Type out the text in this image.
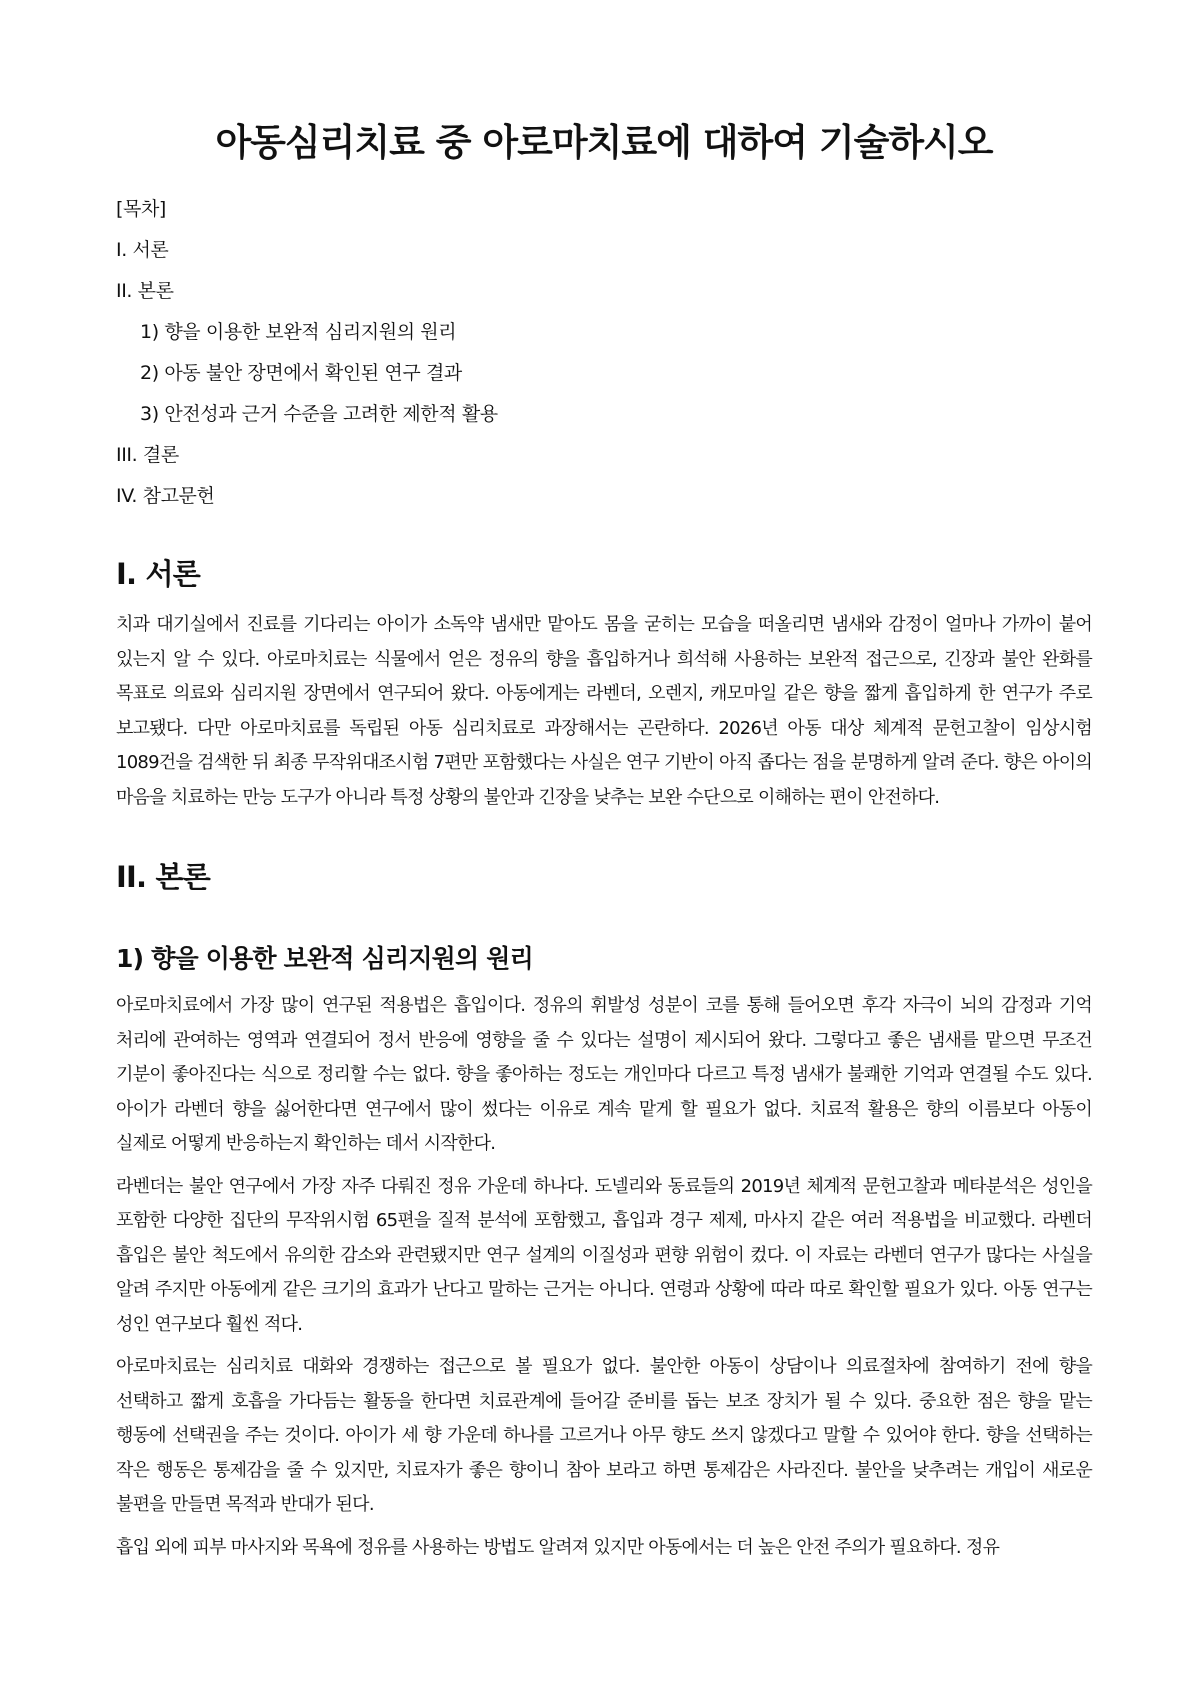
아동심리치료 중 아로마치료에 대하여 기술하시오
[목차]
I. 서론
II. 본론
1) 향을 이용한 보완적 심리지원의 원리
2) 아동 불안 장면에서 확인된 연구 결과
3) 안전성과 근거 수준을 고려한 제한적 활용
III. 결론
IV. 참고문헌
I. 서론

치과 대기실에서 진료를 기다리는 아이가 소독약 냄새만 맡아도 몸을 굳히는 모습을 떠올리면 냄새와 감정이 얼마나 가까이 붙어 있는지 알 수 있다. 아로마치료는 식물에서 얻은 정유의 향을 흡입하거나 희석해 사용하는 보완적 접근으로, 긴장과 불안 완화를 목표로 의료와 심리지원 장면에서 연구되어 왔다. 아동에게는 라벤더, 오렌지, 캐모마일 같은 향을 짧게 흡입하게 한 연구가 주로 보고됐다. 다만 아로마치료를 독립된 아동 심리치료로 과장해서는 곤란하다. 2026년 아동 대상 체계적 문헌고찰이 임상시험 1089건을 검색한 뒤 최종 무작위대조시험 7편만 포함했다는 사실은 연구 기반이 아직 좁다는 점을 분명하게 알려 준다. 향은 아이의 마음을 치료하는 만능 도구가 아니라 특정 상황의 불안과 긴장을 낮추는 보완 수단으로 이해하는 편이 안전하다.

II. 본론
1) 향을 이용한 보완적 심리지원의 원리

아로마치료에서 가장 많이 연구된 적용법은 흡입이다. 정유의 휘발성 성분이 코를 통해 들어오면 후각 자극이 뇌의 감정과 기억 처리에 관여하는 영역과 연결되어 정서 반응에 영향을 줄 수 있다는 설명이 제시되어 왔다. 그렇다고 좋은 냄새를 맡으면 무조건 기분이 좋아진다는 식으로 정리할 수는 없다. 향을 좋아하는 정도는 개인마다 다르고 특정 냄새가 불쾌한 기억과 연결될 수도 있다. 아이가 라벤더 향을 싫어한다면 연구에서 많이 썼다는 이유로 계속 맡게 할 필요가 없다. 치료적 활용은 향의 이름보다 아동이 실제로 어떻게 반응하는지 확인하는 데서 시작한다.

라벤더는 불안 연구에서 가장 자주 다뤄진 정유 가운데 하나다. 도넬리와 동료들의 2019년 체계적 문헌고찰과 메타분석은 성인을 포함한 다양한 집단의 무작위시험 65편을 질적 분석에 포함했고, 흡입과 경구 제제, 마사지 같은 여러 적용법을 비교했다. 라벤더 흡입은 불안 척도에서 유의한 감소와 관련됐지만 연구 설계의 이질성과 편향 위험이 컸다. 이 자료는 라벤더 연구가 많다는 사실을 알려 주지만 아동에게 같은 크기의 효과가 난다고 말하는 근거는 아니다. 연령과 상황에 따라 따로 확인할 필요가 있다. 아동 연구는 성인 연구보다 훨씬 적다.

아로마치료는 심리치료 대화와 경쟁하는 접근으로 볼 필요가 없다. 불안한 아동이 상담이나 의료절차에 참여하기 전에 향을 선택하고 짧게 호흡을 가다듬는 활동을 한다면 치료관계에 들어갈 준비를 돕는 보조 장치가 될 수 있다. 중요한 점은 향을 맡는 행동에 선택권을 주는 것이다. 아이가 세 향 가운데 하나를 고르거나 아무 향도 쓰지 않겠다고 말할 수 있어야 한다. 향을 선택하는 작은 행동은 통제감을 줄 수 있지만, 치료자가 좋은 향이니 참아 보라고 하면 통제감은 사라진다. 불안을 낮추려는 개입이 새로운 불편을 만들면 목적과 반대가 된다.

흡입 외에 피부 마사지와 목욕에 정유를 사용하는 방법도 알려져 있지만 아동에서는 더 높은 안전 주의가 필요하다. 정유
